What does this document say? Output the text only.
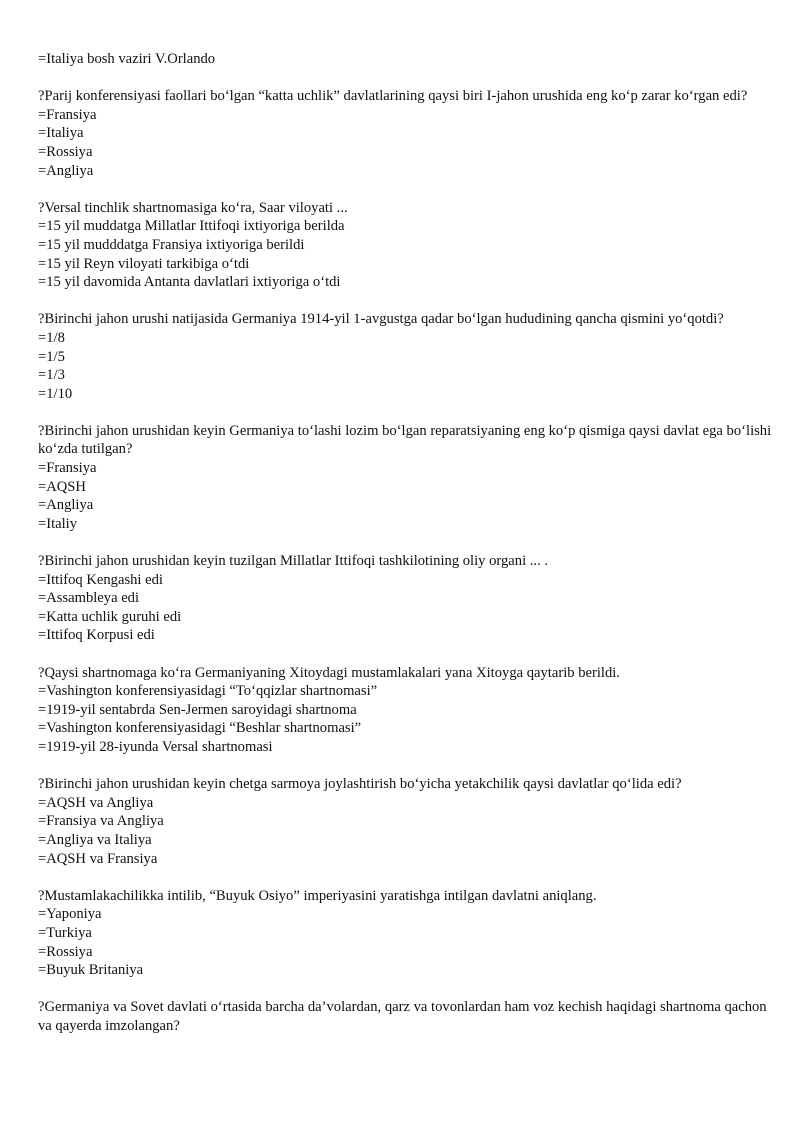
=Italiya bosh vaziri V.Orlando
?Parij konferensiyasi faollari bo‘lgan “katta uchlik” davlatlarining qaysi biri I-jahon urushida eng ko‘p zarar ko‘rgan edi?
=Fransiya
=Italiya
=Rossiya
=Angliya
?Versal tinchlik shartnomasiga ko‘ra, Saar viloyati ...
=15 yil muddatga Millatlar Ittifoqi ixtiyoriga berilda
=15 yil mudddatga Fransiya ixtiyoriga berildi
=15 yil Reyn viloyati tarkibiga o‘tdi
=15 yil davomida Antanta davlatlari ixtiyoriga o‘tdi
?Birinchi jahon urushi natijasida Germaniya 1914-yil 1-avgustga qadar bo‘lgan hududining qancha qismini yo‘qotdi?
=1/8
=1/5
=1/3
=1/10
?Birinchi jahon urushidan keyin Germaniya to‘lashi lozim bo‘lgan reparatsiyaning eng ko‘p qismiga qaysi davlat ega bo‘lishi ko‘zda tutilgan?
=Fransiya
=AQSH
=Angliya
=Italiy
?Birinchi jahon urushidan keyin tuzilgan Millatlar Ittifoqi tashkilotining oliy organi ... .
=Ittifoq Kengashi edi
=Assambleya edi
=Katta uchlik guruhi edi
=Ittifoq Korpusi edi
?Qaysi shartnomaga ko‘ra Germaniyaning Xitoydagi mustamlakalari yana Xitoyga qaytarib berildi.
=Vashington konferensiyasidagi “To‘qqizlar shartnomasi”
=1919-yil sentabrda Sen-Jermen saroyidagi shartnoma
=Vashington konferensiyasidagi “Beshlar shartnomasi”
=1919-yil 28-iyunda Versal shartnomasi
?Birinchi jahon urushidan keyin chetga sarmoya joylashtirish bo‘yicha yetakchilik qaysi davlatlar qo‘lida edi?
=AQSH va Angliya
=Fransiya va Angliya
=Angliya va Italiya
=AQSH va Fransiya
?Mustamlakachilikka intilib, “Buyuk Osiyo” imperiyasini yaratishga intilgan davlatni aniqlang.
=Yaponiya
=Turkiya
=Rossiya
=Buyuk Britaniya
?Germaniya va Sovet davlati o‘rtasida barcha da’volardan, qarz va tovonlardan ham voz kechish haqidagi shartnoma qachon va qayerda imzolangan?
